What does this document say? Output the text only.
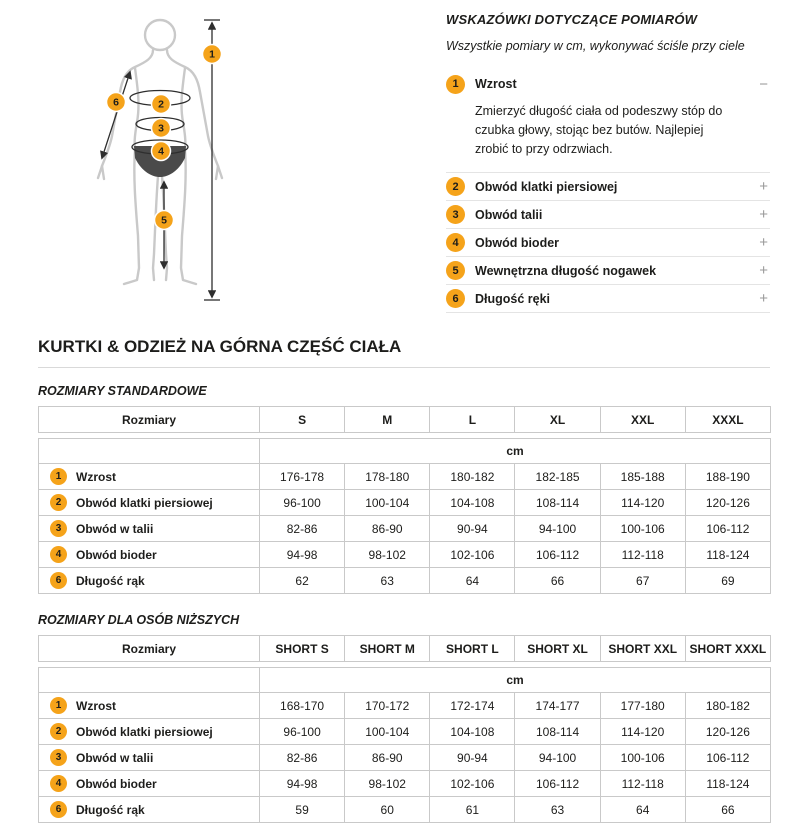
1
2
3
4
5
6
WSKAZÓWKI DOTYCZĄCE POMIARÓW

Wszystkie pomiary w cm, wykonywać ściśle przy ciele

1	Wzrost	−
Zmierzyć długość ciała od podeszwy stóp do czubka głowy, stojąc bez butów. Najlepiej zrobić to przy odrzwiach.
2	Obwód klatki piersiowej	+
3	Obwód talii	+
4	Obwód bioder	+
5	Wewnętrzna długość nogawek	+
6	Długość ręki	+
KURTKI & ODZIEŻ NA GÓRNA CZĘŚĆ CIAŁA
ROZMIARY STANDARDOWE
Rozmiary	S	M	L	XL	XXL	XXXL

	cm					

1 Wzrost	176-178	178-180	180-182	182-185	185-188	188-190

2 Obwód klatki piersiowej	96-100	100-104	104-108	108-114	114-120	120-126

3 Obwód w talii	82-86	86-90	90-94	94-100	100-106	106-112

4 Obwód bioder	94-98	98-102	102-106	106-112	112-118	118-124

6 Długość rąk	62	63	64	66	67	69
ROZMIARY DLA OSÓB NIŻSZYCH
Rozmiary	SHORT S	SHORT M	SHORT L	SHORT XL	SHORT XXL	SHORT XXXL

	cm					

1 Wzrost	168-170	170-172	172-174	174-177	177-180	180-182

2 Obwód klatki piersiowej	96-100	100-104	104-108	108-114	114-120	120-126

3 Obwód w talii	82-86	86-90	90-94	94-100	100-106	106-112

4 Obwód bioder	94-98	98-102	102-106	106-112	112-118	118-124

6 Długość rąk	59	60	61	63	64	66
